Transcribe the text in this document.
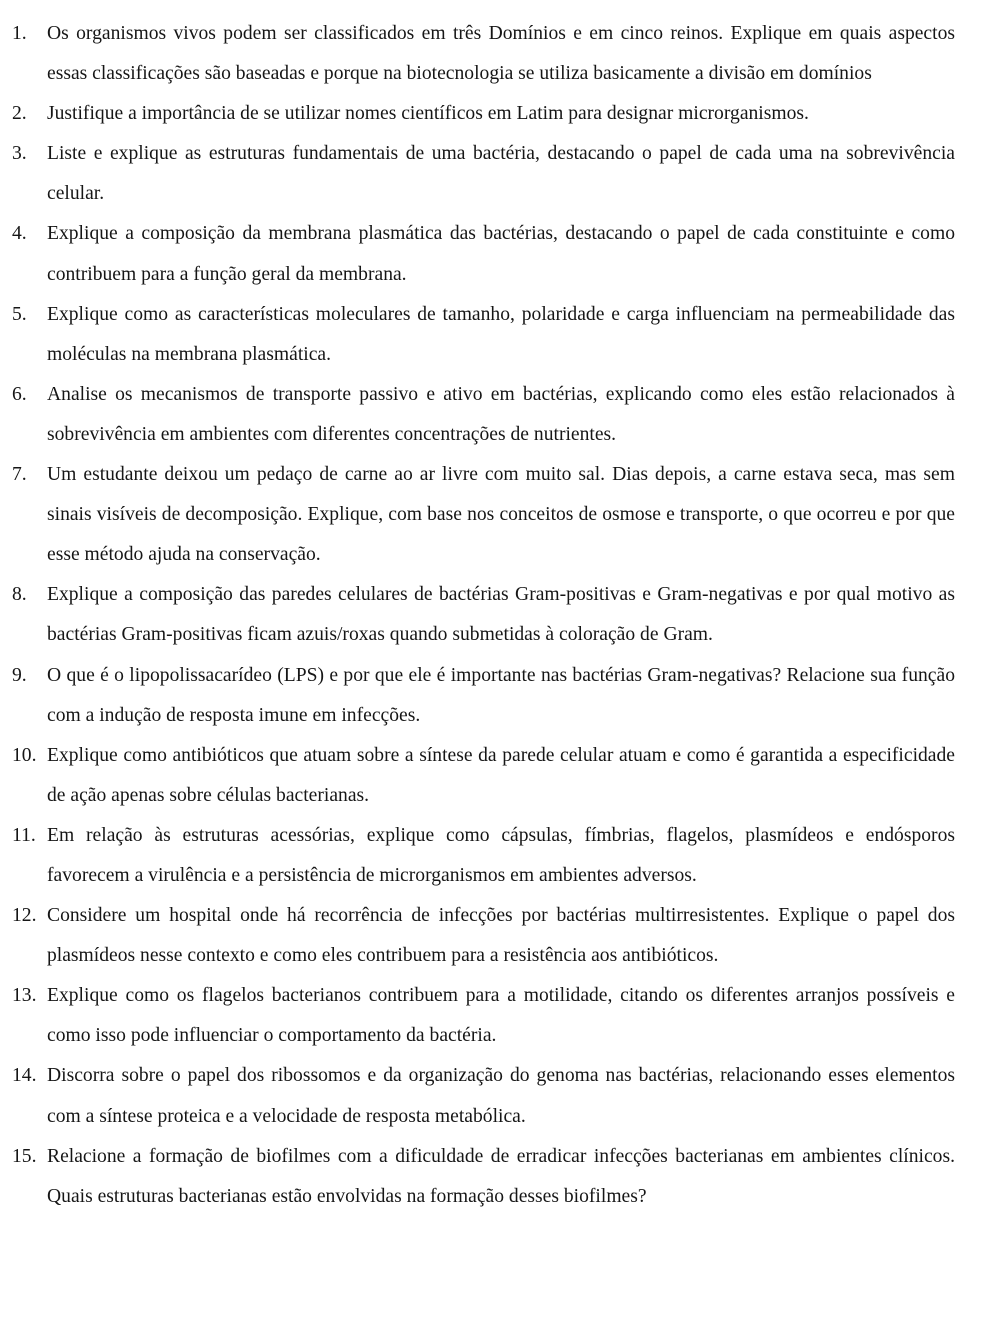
1. Os organismos vivos podem ser classificados em três Domínios e em cinco reinos. Explique em quais aspectos essas classificações são baseadas e porque na biotecnologia se utiliza basicamente a divisão em domínios
2. Justifique a importância de se utilizar nomes científicos em Latim para designar microrganismos.
3. Liste e explique as estruturas fundamentais de uma bactéria, destacando o papel de cada uma na sobrevivência celular.
4. Explique a composição da membrana plasmática das bactérias, destacando o papel de cada constituinte e como contribuem para a função geral da membrana.
5. Explique como as características moleculares de tamanho, polaridade e carga influenciam na permeabilidade das moléculas na membrana plasmática.
6. Analise os mecanismos de transporte passivo e ativo em bactérias, explicando como eles estão relacionados à sobrevivência em ambientes com diferentes concentrações de nutrientes.
7. Um estudante deixou um pedaço de carne ao ar livre com muito sal. Dias depois, a carne estava seca, mas sem sinais visíveis de decomposição. Explique, com base nos conceitos de osmose e transporte, o que ocorreu e por que esse método ajuda na conservação.
8. Explique a composição das paredes celulares de bactérias Gram-positivas e Gram-negativas e por qual motivo as bactérias Gram-positivas ficam azuis/roxas quando submetidas à coloração de Gram.
9. O que é o lipopolissacarídeo (LPS) e por que ele é importante nas bactérias Gram-negativas? Relacione sua função com a indução de resposta imune em infecções.
10. Explique como antibióticos que atuam sobre a síntese da parede celular atuam e como é garantida a especificidade de ação apenas sobre células bacterianas.
11. Em relação às estruturas acessórias, explique como cápsulas, fímbrias, flagelos, plasmídeos e endósporos favorecem a virulência e a persistência de microrganismos em ambientes adversos.
12. Considere um hospital onde há recorrência de infecções por bactérias multirresistentes. Explique o papel dos plasmídeos nesse contexto e como eles contribuem para a resistência aos antibióticos.
13. Explique como os flagelos bacterianos contribuem para a motilidade, citando os diferentes arranjos possíveis e como isso pode influenciar o comportamento da bactéria.
14. Discorra sobre o papel dos ribossomos e da organização do genoma nas bactérias, relacionando esses elementos com a síntese proteica e a velocidade de resposta metabólica.
15. Relacione a formação de biofilmes com a dificuldade de erradicar infecções bacterianas em ambientes clínicos. Quais estruturas bacterianas estão envolvidas na formação desses biofilmes?
